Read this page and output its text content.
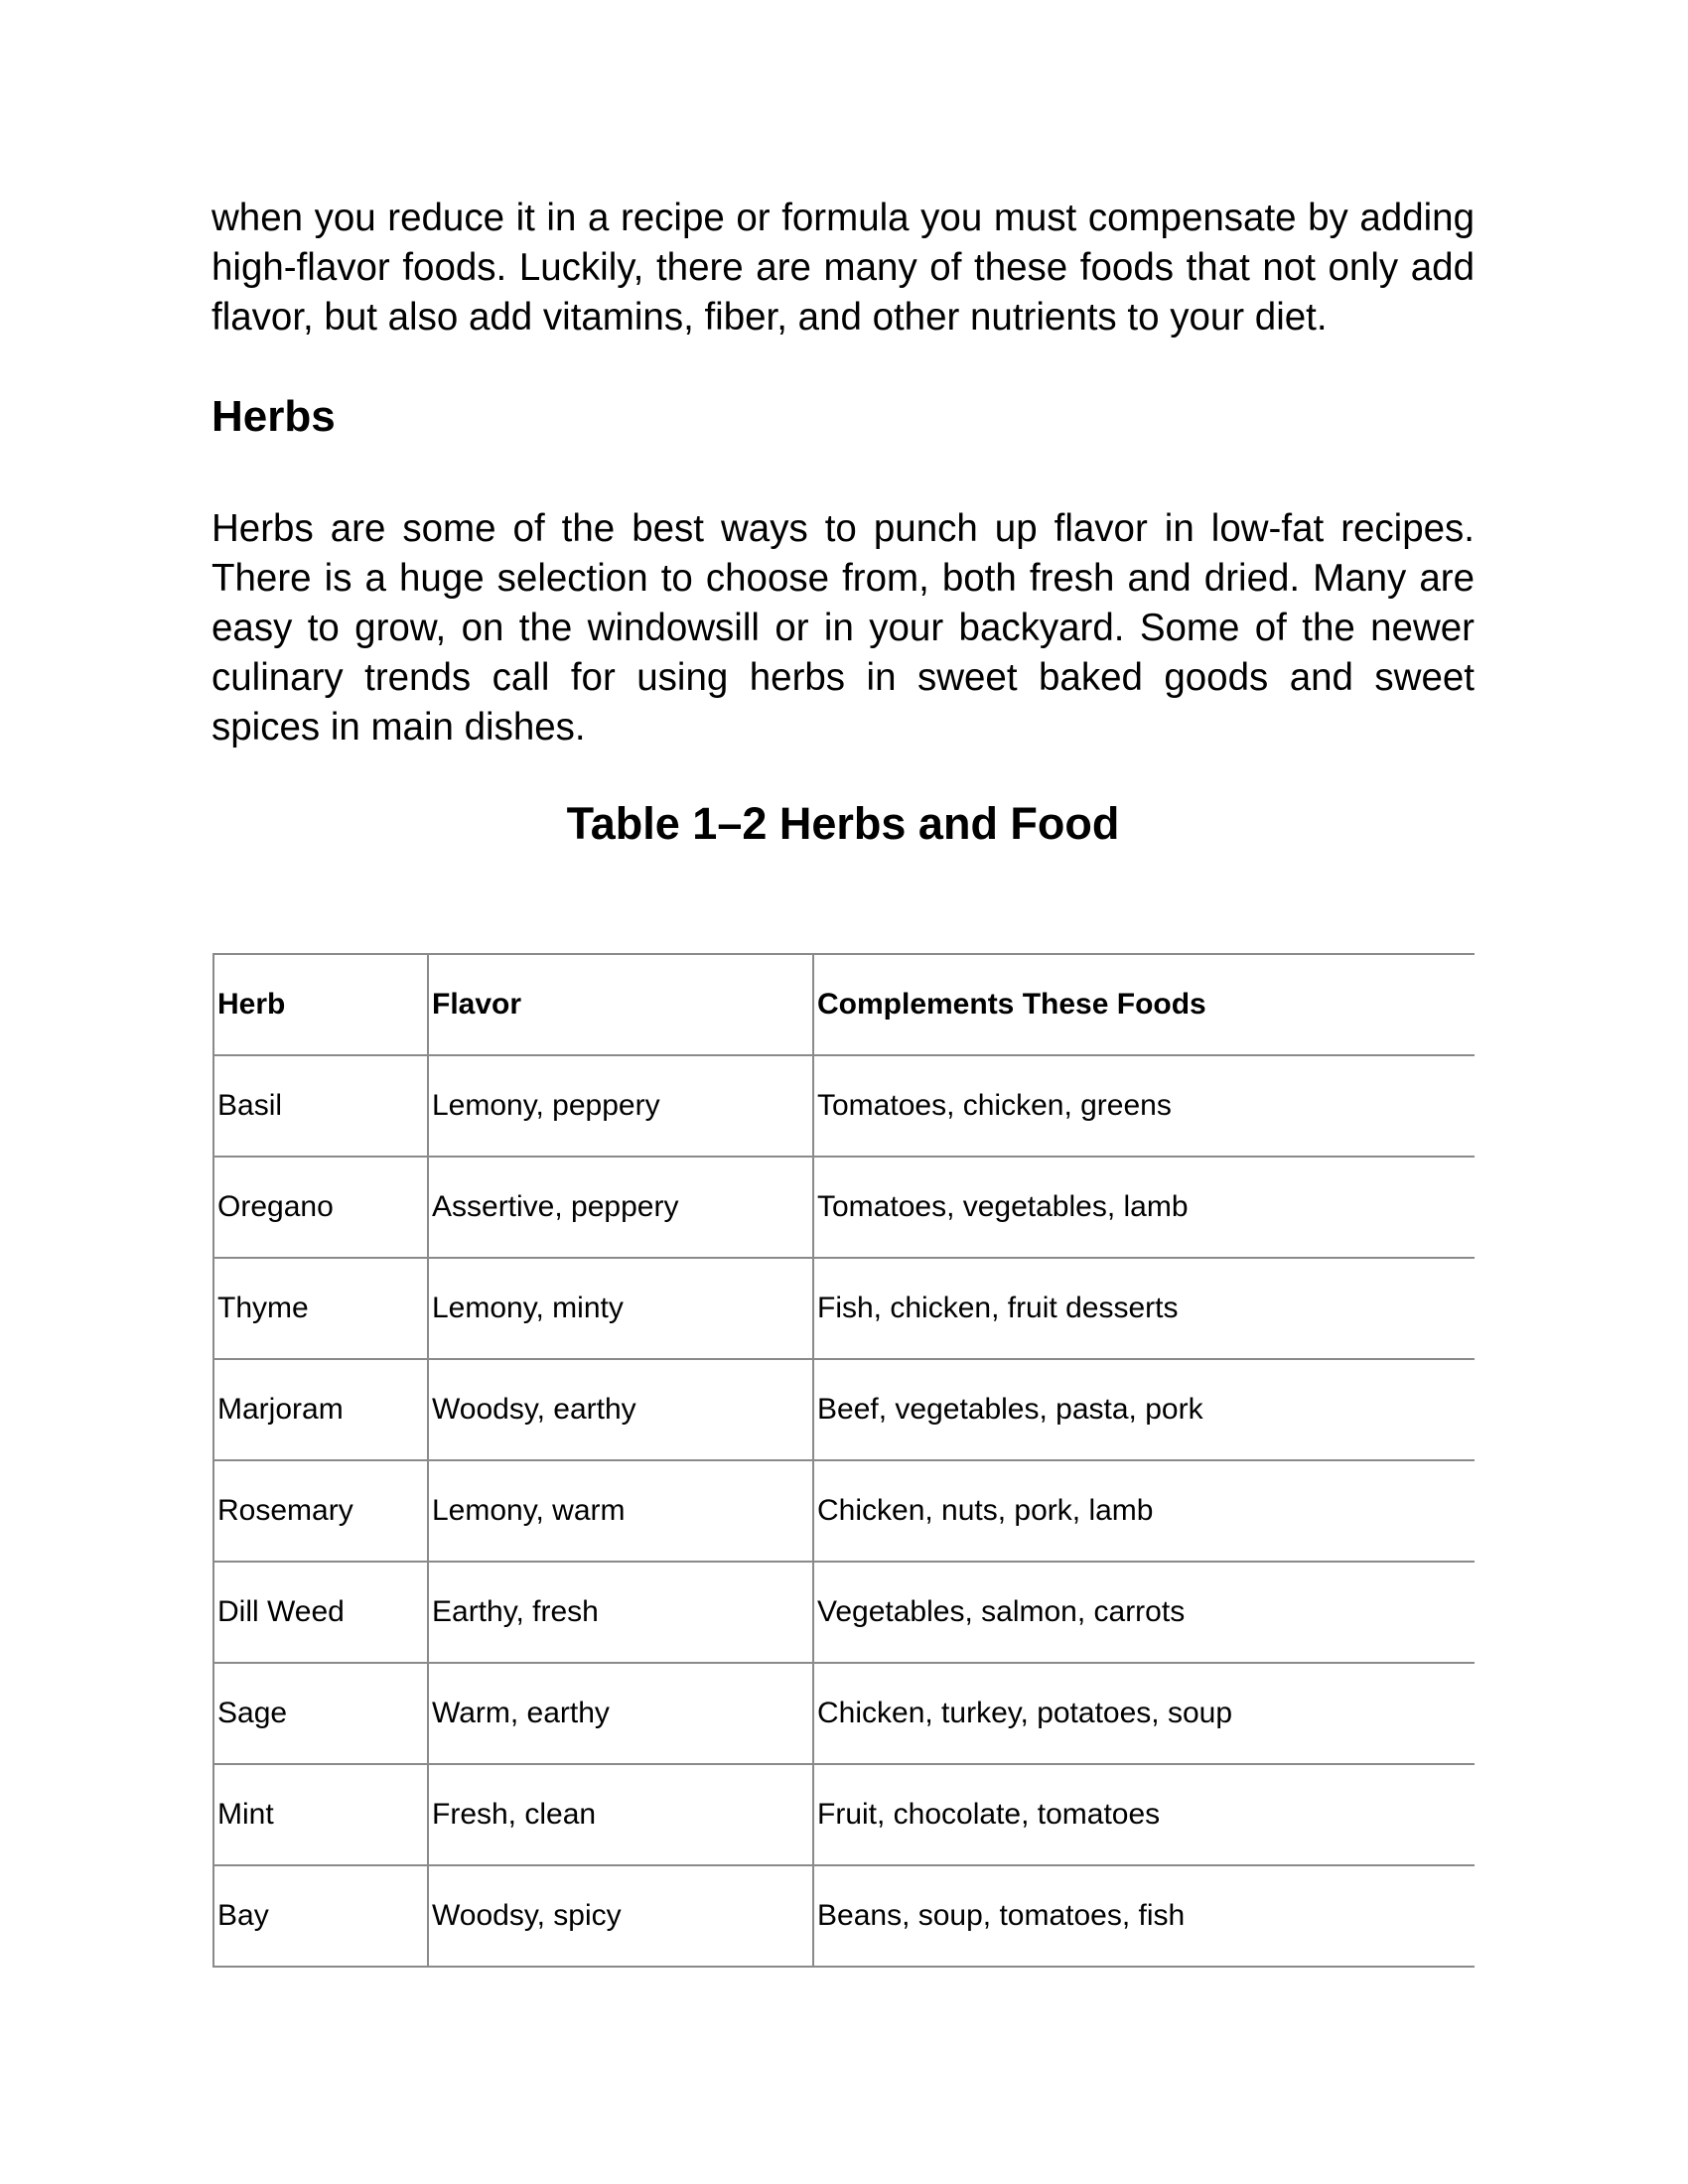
when you reduce it in a recipe or formula you must compensate by adding high-flavor foods. Luckily, there are many of these foods that not only add flavor, but also add vitamins, fiber, and other nutrients to your diet.

Herbs

Herbs are some of the best ways to punch up flavor in low-fat recipes. There is a huge selection to choose from, both fresh and dried. Many are easy to grow, on the windowsill or in your backyard. Some of the newer culinary trends call for using herbs in sweet baked goods and sweet spices in main dishes.

Table 1–2 Herbs and Food
Herb	Flavor	Complements These Foods
Basil	Lemony, peppery	Tomatoes, chicken, greens
Oregano	Assertive, peppery	Tomatoes, vegetables, lamb
Thyme	Lemony, minty	Fish, chicken, fruit desserts
Marjoram	Woodsy, earthy	Beef, vegetables, pasta, pork
Rosemary	Lemony, warm	Chicken, nuts, pork, lamb
Dill Weed	Earthy, fresh	Vegetables, salmon, carrots
Sage	Warm, earthy	Chicken, turkey, potatoes, soup
Mint	Fresh, clean	Fruit, chocolate, tomatoes
Bay	Woodsy, spicy	Beans, soup, tomatoes, fish
